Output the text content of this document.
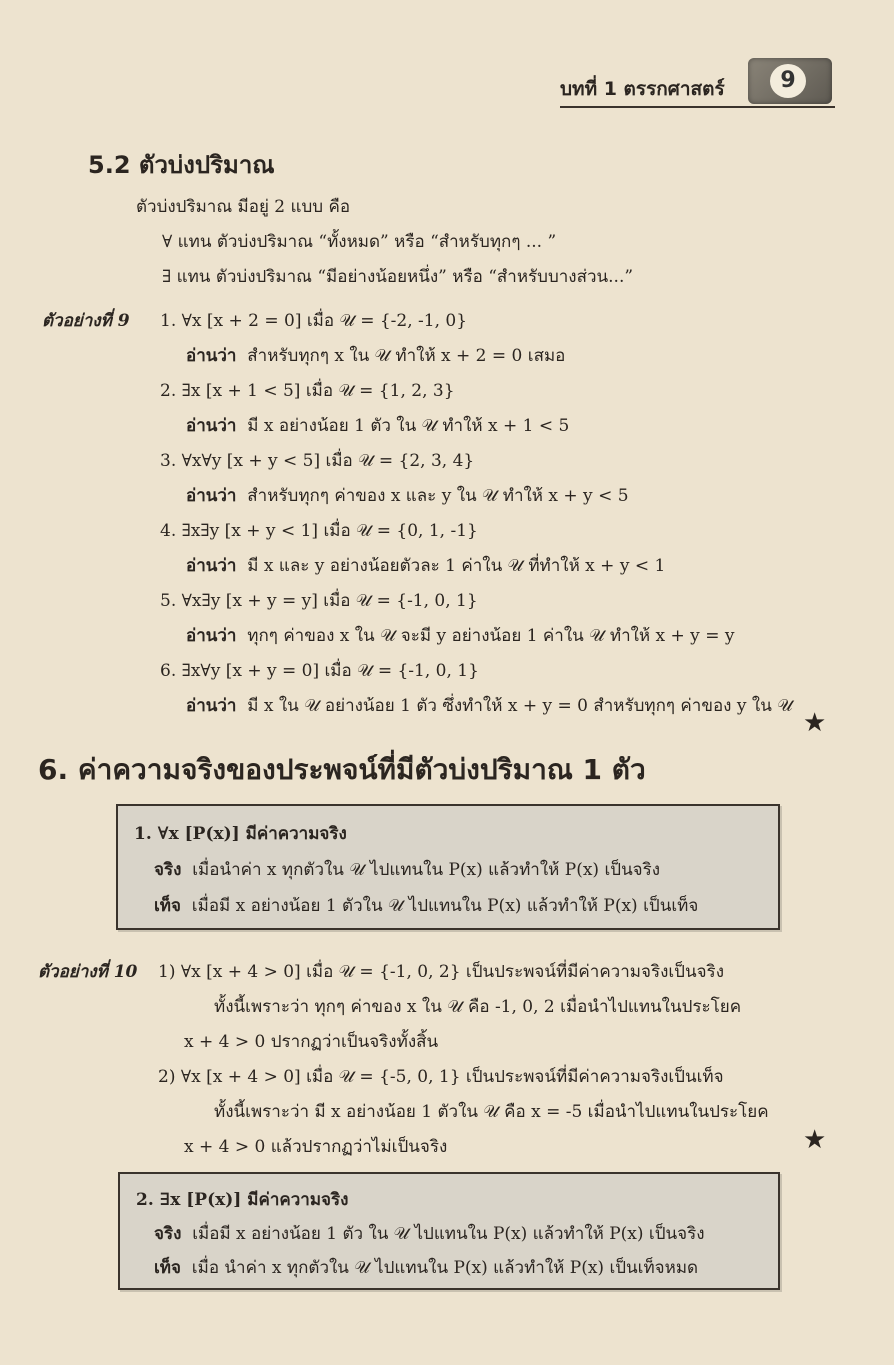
บทที่ 1 ตรรกศาสตร์	9
5.2 ตัวบ่งปริมาณ
ตัวบ่งปริมาณ มีอยู่ 2 แบบ คือ
∀ แทน ตัวบ่งปริมาณ “ทั้งหมด” หรือ “สำหรับทุกๆ ... ”
∃ แทน ตัวบ่งปริมาณ “มีอย่างน้อยหนึ่ง” หรือ “สำหรับบางส่วน...”
ตัวอย่างที่ 9 1. ∀x [x + 2 = 0] เมื่อ 𝒰 = {-2, -1, 0}
อ่านว่า สำหรับทุกๆ x ใน 𝒰 ทำให้ x + 2 = 0 เสมอ
2. ∃x [x + 1 < 5] เมื่อ 𝒰 = {1, 2, 3}
อ่านว่า มี x อย่างน้อย 1 ตัว ใน 𝒰 ทำให้ x + 1 < 5
3. ∀x∀y [x + y < 5] เมื่อ 𝒰 = {2, 3, 4}
อ่านว่า สำหรับทุกๆ ค่าของ x และ y ใน 𝒰 ทำให้ x + y < 5
4. ∃x∃y [x + y < 1] เมื่อ 𝒰 = {0, 1, -1}
อ่านว่า มี x และ y อย่างน้อยตัวละ 1 ค่าใน 𝒰 ที่ทำให้ x + y < 1
5. ∀x∃y [x + y = y] เมื่อ 𝒰 = {-1, 0, 1}
อ่านว่า ทุกๆ ค่าของ x ใน 𝒰 จะมี y อย่างน้อย 1 ค่าใน 𝒰 ทำให้ x + y = y
6. ∃x∀y [x + y = 0] เมื่อ 𝒰 = {-1, 0, 1}
อ่านว่า มี x ใน 𝒰 อย่างน้อย 1 ตัว ซึ่งทำให้ x + y = 0 สำหรับทุกๆ ค่าของ y ใน 𝒰
★
6. ค่าความจริงของประพจน์ที่มีตัวบ่งปริมาณ 1 ตัว
1. ∀x [P(x)] มีค่าความจริง
จริง เมื่อนำค่า x ทุกตัวใน 𝒰 ไปแทนใน P(x) แล้วทำให้ P(x) เป็นจริง
เท็จ เมื่อมี x อย่างน้อย 1 ตัวใน 𝒰 ไปแทนใน P(x) แล้วทำให้ P(x) เป็นเท็จ
ตัวอย่างที่ 10 1) ∀x [x + 4 > 0] เมื่อ 𝒰 = {-1, 0, 2} เป็นประพจน์ที่มีค่าความจริงเป็นจริง
ทั้งนี้เพราะว่า ทุกๆ ค่าของ x ใน 𝒰 คือ -1, 0, 2 เมื่อนำไปแทนในประโยค
x + 4 > 0 ปรากฏว่าเป็นจริงทั้งสิ้น
2) ∀x [x + 4 > 0] เมื่อ 𝒰 = {-5, 0, 1} เป็นประพจน์ที่มีค่าความจริงเป็นเท็จ
ทั้งนี้เพราะว่า มี x อย่างน้อย 1 ตัวใน 𝒰 คือ x = -5 เมื่อนำไปแทนในประโยค
x + 4 > 0 แล้วปรากฏว่าไม่เป็นจริง	★
2. ∃x [P(x)] มีค่าความจริง
จริง เมื่อมี x อย่างน้อย 1 ตัว ใน 𝒰 ไปแทนใน P(x) แล้วทำให้ P(x) เป็นจริง
เท็จ เมื่อ นำค่า x ทุกตัวใน 𝒰 ไปแทนใน P(x) แล้วทำให้ P(x) เป็นเท็จหมด
